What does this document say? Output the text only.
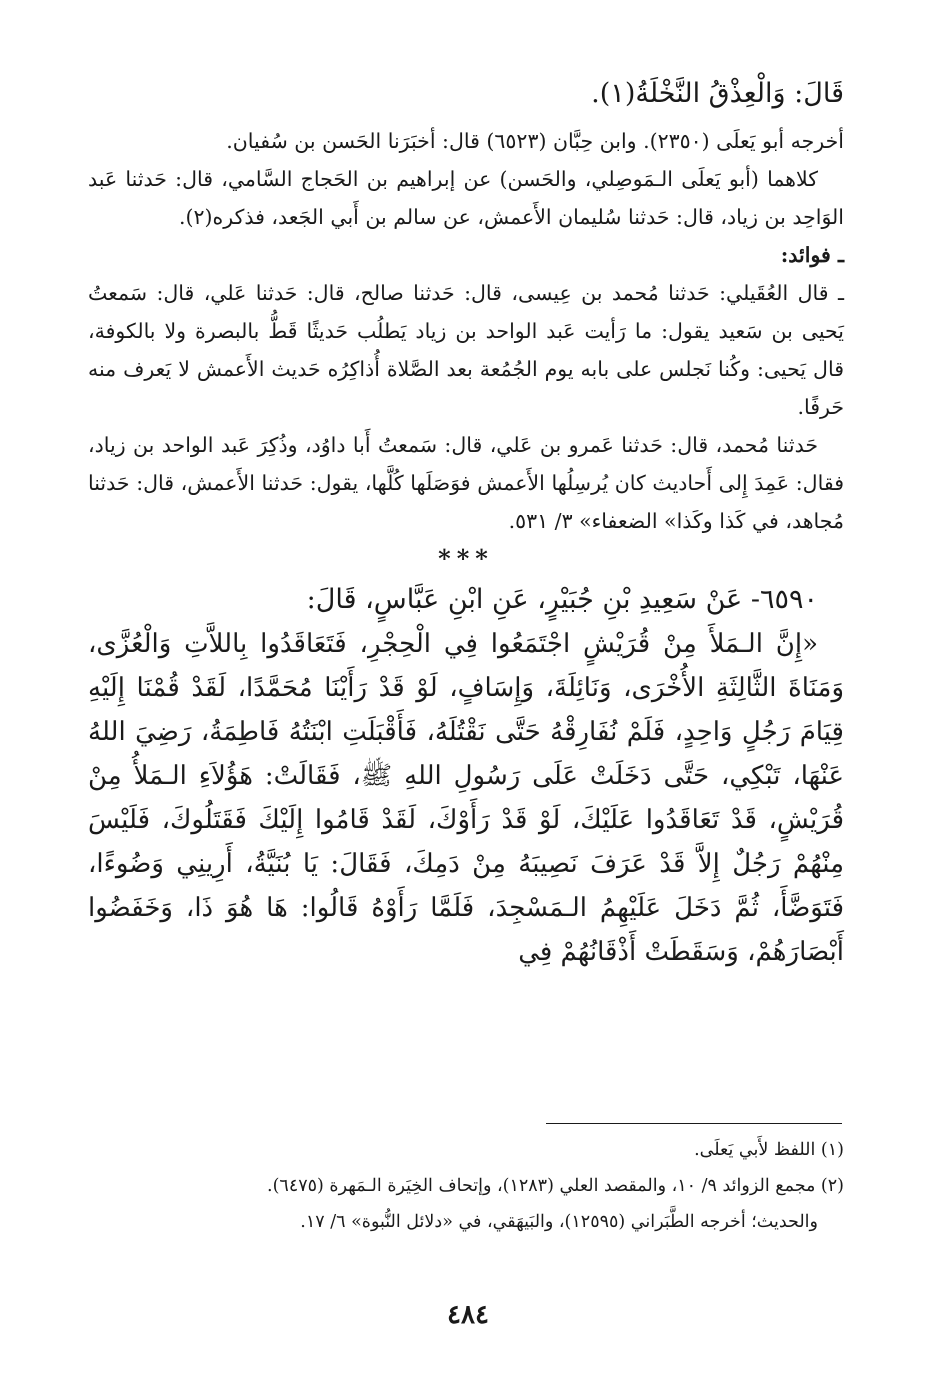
قَالَ: وَالْعِذْقُ النَّخْلَةُ(١).

أخرجه أبو يَعلَى (٢٣٥٠). وابن حِبَّان (٦٥٢٣) قال: أخبَرَنا الحَسن بن سُفيان.

كلاهما (أبو يَعلَى الـمَوصِلي، والحَسن) عن إبراهيم بن الحَجاج السَّامي، قال: حَدثنا عَبد الوَاحِد بن زياد، قال: حَدثنا سُليمان الأَعمش، عن سالم بن أَبي الجَعد، فذكره(٢).

ـ فوائد:

ـ قال العُقَيلي: حَدثنا مُحمد بن عِيسى، قال: حَدثنا صالح، قال: حَدثنا عَلي، قال: سَمعتُ يَحيى بن سَعيد يقول: ما رَأيت عَبد الواحد بن زياد يَطلُب حَديثًا قَطُّ بالبصرة ولا بالكوفة، قال يَحيى: وكُنا نَجلس على بابه يوم الجُمُعة بعد الصَّلاة أُذاكِرُه حَديث الأَعمش لا يَعرف منه حَرفًا.

حَدثنا مُحمد، قال: حَدثنا عَمرو بن عَلي، قال: سَمعتُ أَبا داوُد، وذُكِرَ عَبد الواحد بن زياد، فقال: عَمِدَ إِلى أَحاديث كان يُرسِلُها الأَعمش فوَصَلَها كُلَّها، يقول: حَدثنا الأَعمش، قال: حَدثنا مُجاهد، في كَذا وكَذا» الضعفاء» ٣/ ٥٣١.

***

٦٥٩٠- عَنْ سَعِيدِ بْنِ جُبَيْرٍ، عَنِ ابْنِ عَبَّاسٍ، قَالَ:

«إِنَّ الـمَلأَ مِنْ قُرَيْشٍ اجْتَمَعُوا فِي الْحِجْرِ، فَتَعَاقَدُوا بِاللاَّتِ وَالْعُزَّى، وَمَنَاةَ الثَّالِثَةِ الأُخْرَى، وَنَائِلَةَ، وَإِسَافٍ، لَوْ قَدْ رَأَيْنَا مُحَمَّدًا، لَقَدْ قُمْنَا إِلَيْهِ قِيَامَ رَجُلٍ وَاحِدٍ، فَلَمْ نُفَارِقْهُ حَتَّى نَقْتُلَهُ، فَأَقْبَلَتِ ابْنَتُهُ فَاطِمَةُ، رَضِيَ اللهُ عَنْهَا، تَبْكِي، حَتَّى دَخَلَتْ عَلَى رَسُولِ اللهِ ﷺ، فَقَالَتْ: هَؤُلاَءِ الـمَلأُ مِنْ قُرَيْشٍ، قَدْ تَعَاقَدُوا عَلَيْكَ، لَوْ قَدْ رَأَوْكَ، لَقَدْ قَامُوا إِلَيْكَ فَقَتَلُوكَ، فَلَيْسَ مِنْهُمْ رَجُلٌ إِلاَّ قَدْ عَرَفَ نَصِيبَهُ مِنْ دَمِكَ، فَقَالَ: يَا بُنَيَّةُ، أَرِينِي وَضُوءًا، فَتَوَضَّأَ، ثُمَّ دَخَلَ عَلَيْهِمُ الـمَسْجِدَ، فَلَمَّا رَأَوْهُ قَالُوا: هَا هُوَ ذَا، وَخَفَضُوا أَبْصَارَهُمْ، وَسَقَطَتْ أَذْقَانُهُمْ فِي

(١) اللفظ لأَبي يَعلَى.

(٢) مجمع الزوائد ٩/ ١٠، والمقصد العلي (١٢٨٣)، وإتحاف الخِيَرة الـمَهرة (٦٤٧٥).

والحديث؛ أخرجه الطَّبَراني (١٢٥٩٥)، والبَيهَقي، في «دلائل النُّبوة» ٦/ ١٧.

٤٨٤
